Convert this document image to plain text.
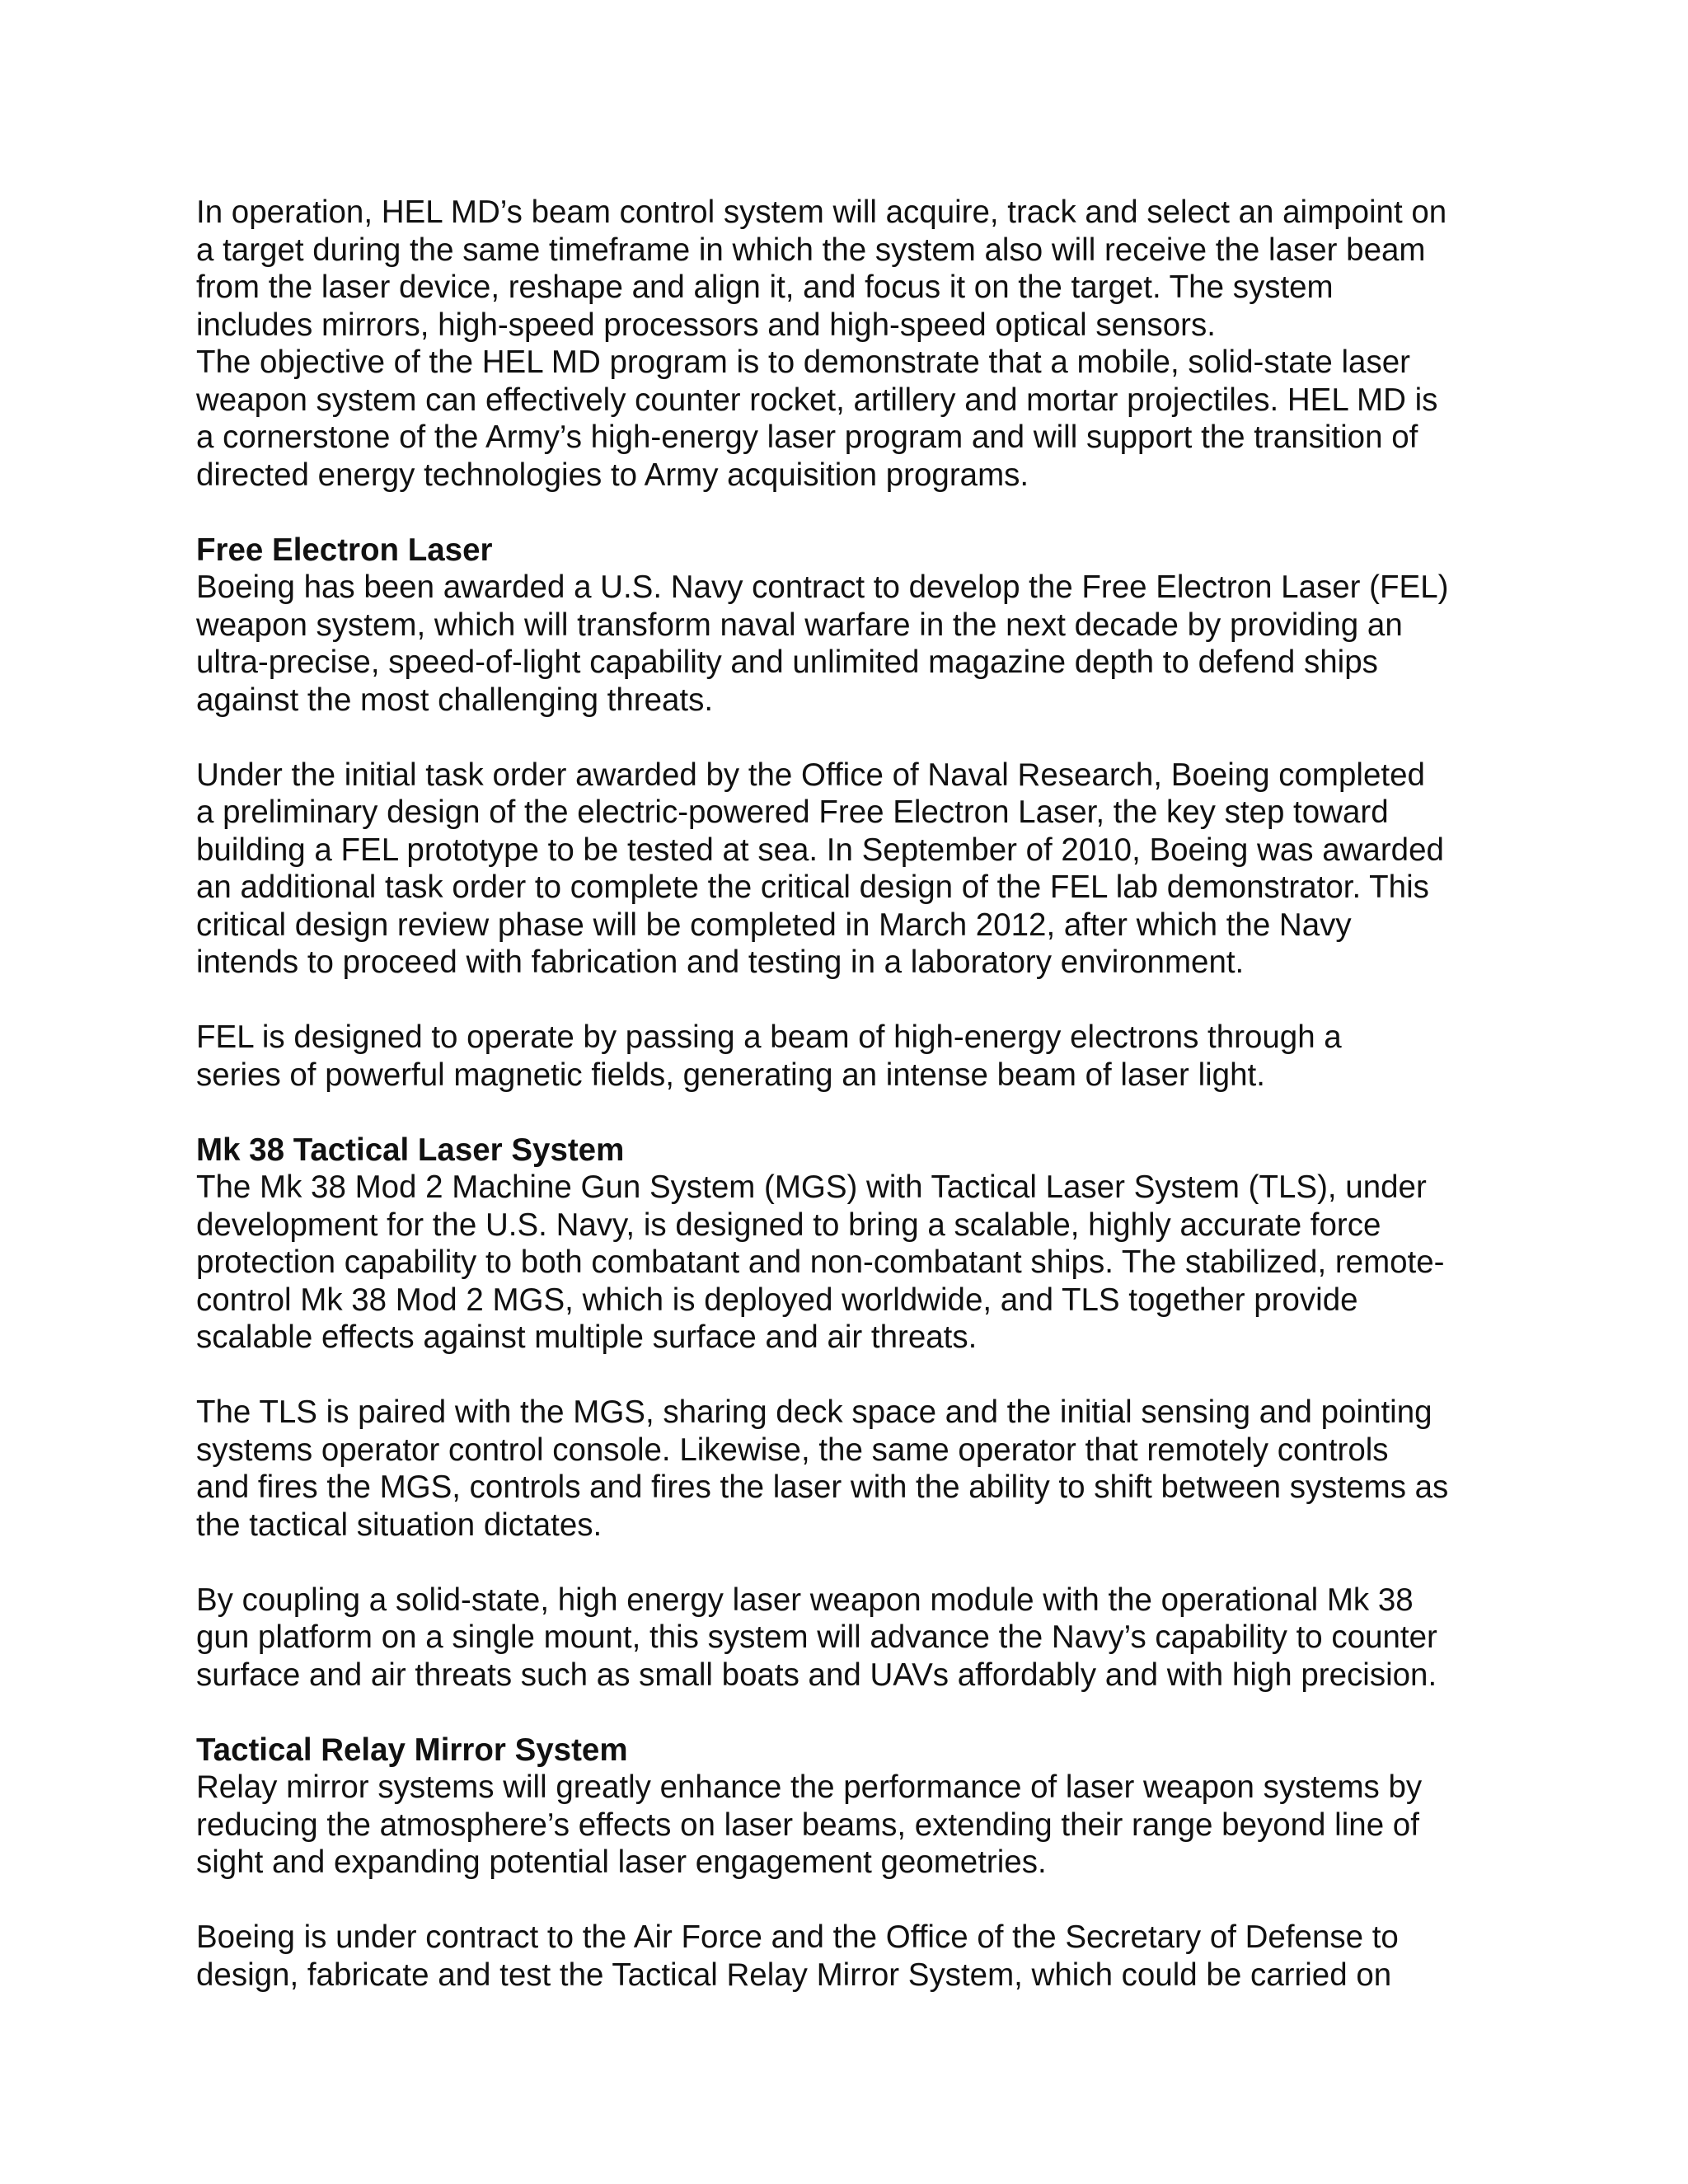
In operation, HEL MD’s beam control system will acquire, track and select an aimpoint on
a target during the same timeframe in which the system also will receive the laser beam
from the laser device, reshape and align it, and focus it on the target. The system
includes mirrors, high-speed processors and high-speed optical sensors.
The objective of the HEL MD program is to demonstrate that a mobile, solid-state laser
weapon system can effectively counter rocket, artillery and mortar projectiles. HEL MD is
a cornerstone of the Army’s high-energy laser program and will support the transition of
directed energy technologies to Army acquisition programs.
Free Electron Laser
Boeing has been awarded a U.S. Navy contract to develop the Free Electron Laser (FEL)
weapon system, which will transform naval warfare in the next decade by providing an
ultra-precise, speed-of-light capability and unlimited magazine depth to defend ships
against the most challenging threats.
Under the initial task order awarded by the Office of Naval Research, Boeing completed
a preliminary design of the electric-powered Free Electron Laser, the key step toward
building a FEL prototype to be tested at sea. In September of 2010, Boeing was awarded
an additional task order to complete the critical design of the FEL lab demonstrator. This
critical design review phase will be completed in March 2012, after which the Navy
intends to proceed with fabrication and testing in a laboratory environment.
FEL is designed to operate by passing a beam of high-energy electrons through a
series of powerful magnetic fields, generating an intense beam of laser light.
Mk 38 Tactical Laser System
The Mk 38 Mod 2 Machine Gun System (MGS) with Tactical Laser System (TLS), under
development for the U.S. Navy, is designed to bring a scalable, highly accurate force
protection capability to both combatant and non-combatant ships. The stabilized, remote-
control Mk 38 Mod 2 MGS, which is deployed worldwide, and TLS together provide
scalable effects against multiple surface and air threats.
The TLS is paired with the MGS, sharing deck space and the initial sensing and pointing
systems operator control console. Likewise, the same operator that remotely controls
and fires the MGS, controls and fires the laser with the ability to shift between systems as
the tactical situation dictates.
By coupling a solid-state, high energy laser weapon module with the operational Mk 38
gun platform on a single mount, this system will advance the Navy’s capability to counter
surface and air threats such as small boats and UAVs affordably and with high precision.
Tactical Relay Mirror System
Relay mirror systems will greatly enhance the performance of laser weapon systems by
reducing the atmosphere’s effects on laser beams, extending their range beyond line of
sight and expanding potential laser engagement geometries.
Boeing is under contract to the Air Force and the Office of the Secretary of Defense to
design, fabricate and test the Tactical Relay Mirror System, which could be carried on
